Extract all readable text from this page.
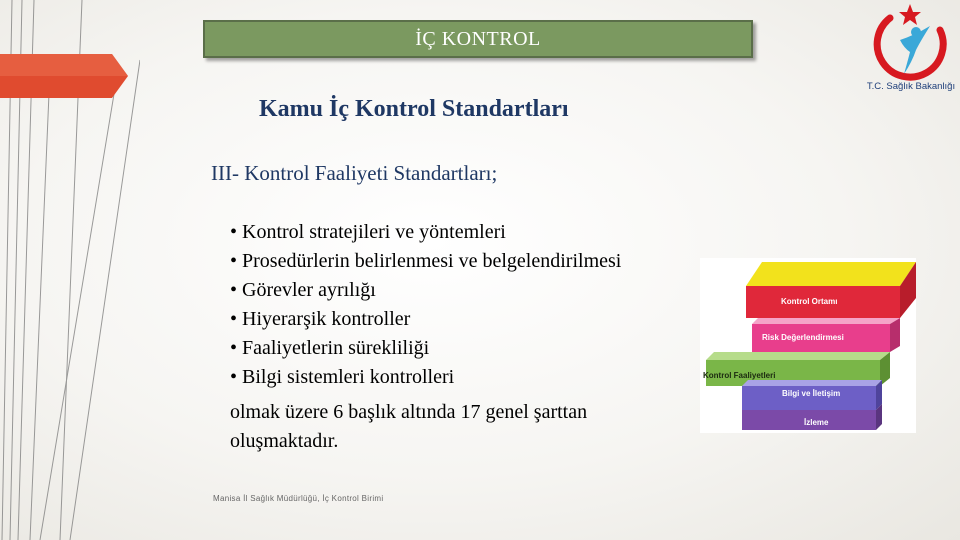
İÇ KONTROL
T.C. Sağlık Bakanlığı
Kamu İç Kontrol Standartları
III- Kontrol Faaliyeti Standartları;
• Kontrol stratejileri ve yöntemleri
• Prosedürlerin belirlenmesi ve belgelendirilmesi
• Görevler ayrılığı
• Hiyerarşik kontroller
• Faaliyetlerin sürekliliği
• Bilgi sistemleri kontrolleri
olmak üzere 6 başlık altında 17 genel şarttan
oluşmaktadır.
Kontrol Ortamı
Risk Değerlendirmesi
Kontrol Faaliyetleri
Bilgi ve İletişim
İzleme
Manisa İl Sağlık Müdürlüğü, İç Kontrol Birimi
